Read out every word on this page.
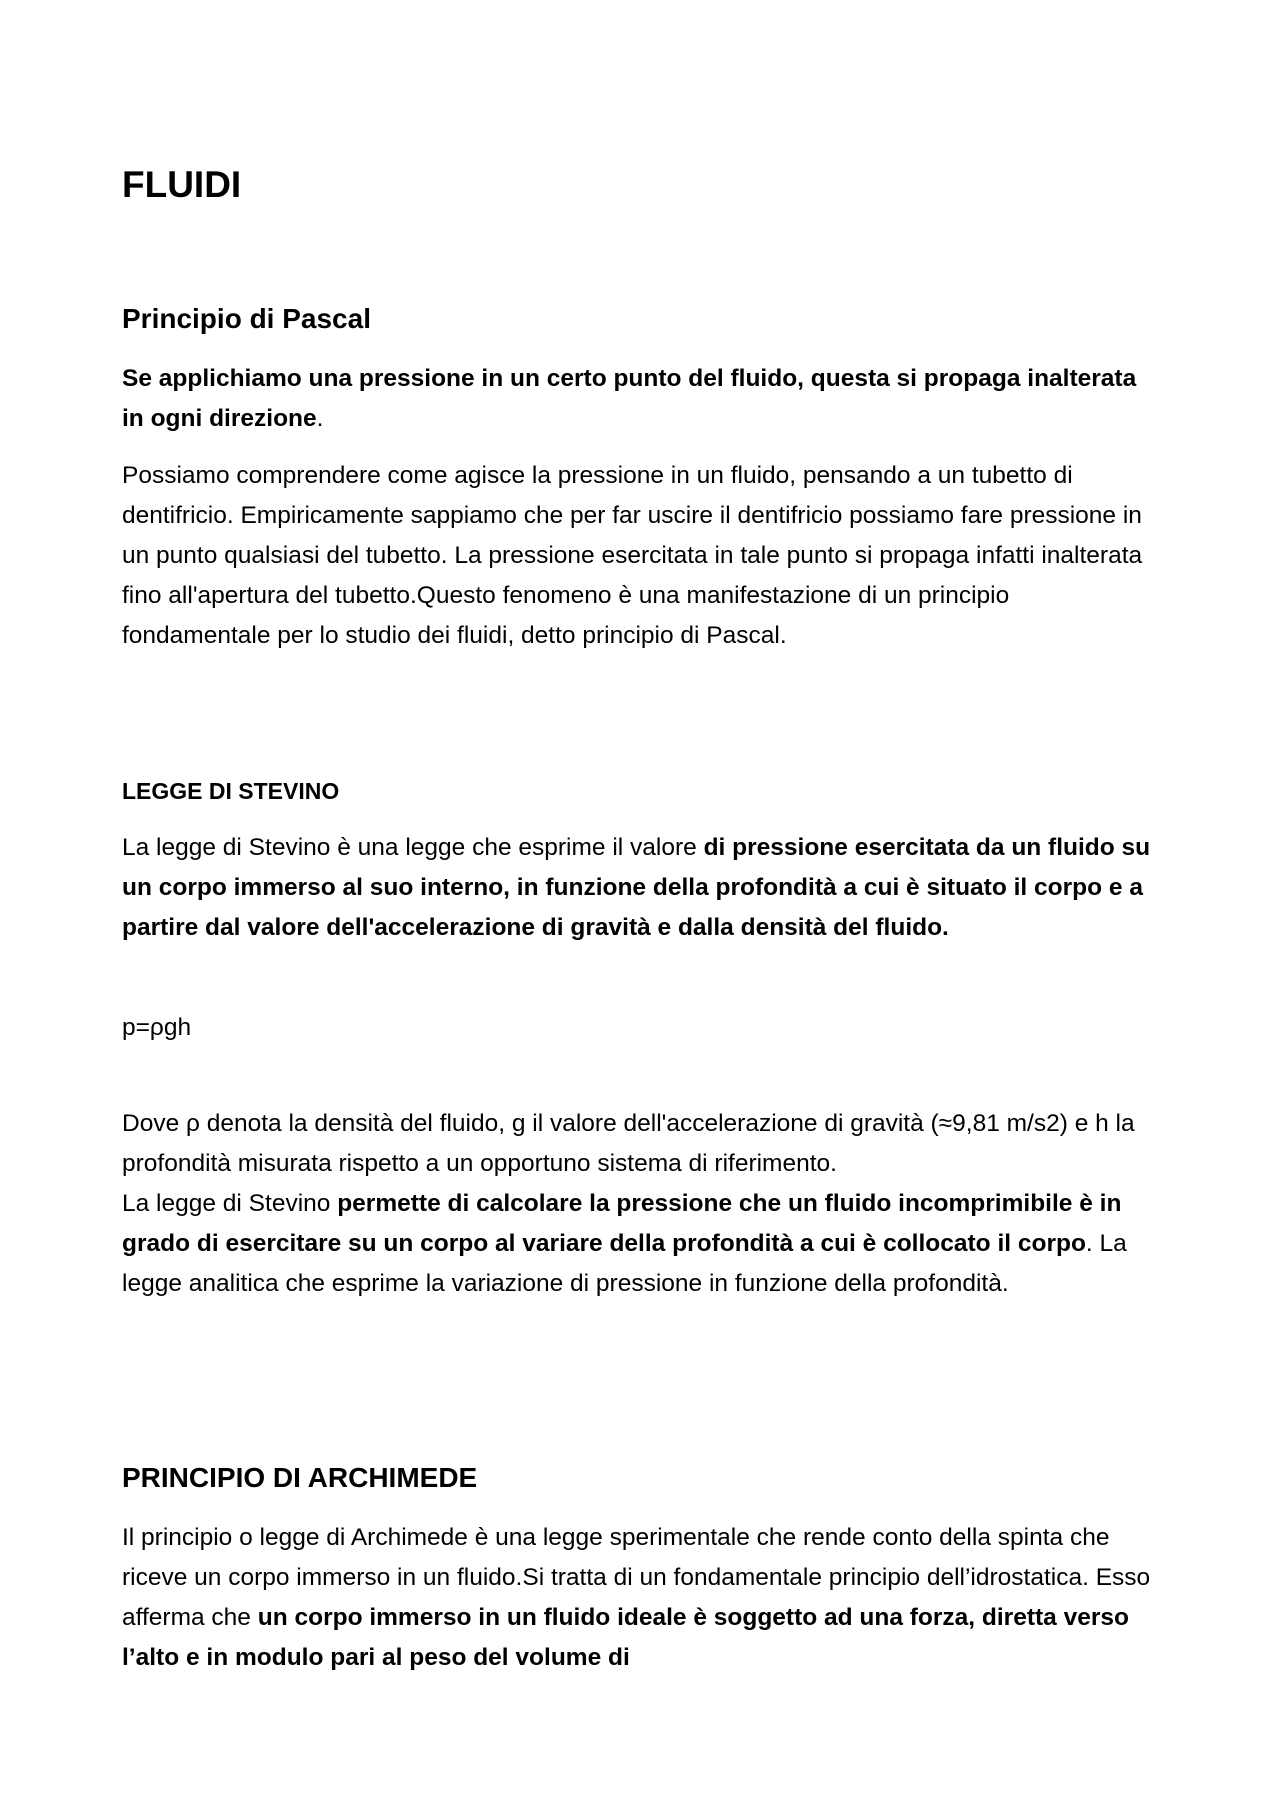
FLUIDI
Principio di Pascal

Se applichiamo una pressione in un certo punto del fluido, questa si propaga inalterata in ogni direzione.

Possiamo comprendere come agisce la pressione in un fluido, pensando a un tubetto di dentifricio. Empiricamente sappiamo che per far uscire il dentifricio possiamo fare pressione in un punto qualsiasi del tubetto. La pressione esercitata in tale punto si propaga infatti inalterata fino all'apertura del tubetto.Questo fenomeno è una manifestazione di un principio fondamentale per lo studio dei fluidi, detto principio di Pascal.

LEGGE DI STEVINO

La legge di Stevino è una legge che esprime il valore di pressione esercitata da un fluido su un corpo immerso al suo interno, in funzione della profondità a cui è situato il corpo e a partire dal valore dell'accelerazione di gravità e dalla densità del fluido.

p=ρgh

Dove ρ denota la densità del fluido, g il valore dell'accelerazione di gravità (≈9,81 m/s2) e h la profondità misurata rispetto a un opportuno sistema di riferimento.

La legge di Stevino permette di calcolare la pressione che un fluido incomprimibile è in grado di esercitare su un corpo al variare della profondità a cui è collocato il corpo. La legge analitica che esprime la variazione di pressione in funzione della profondità.

PRINCIPIO DI ARCHIMEDE

Il principio o legge di Archimede è una legge sperimentale che rende conto della spinta che riceve un corpo immerso in un fluido.Si tratta di un fondamentale principio dell’idrostatica. Esso afferma che un corpo immerso in un fluido ideale è soggetto ad una forza, diretta verso l’alto e in modulo pari al peso del volume di
